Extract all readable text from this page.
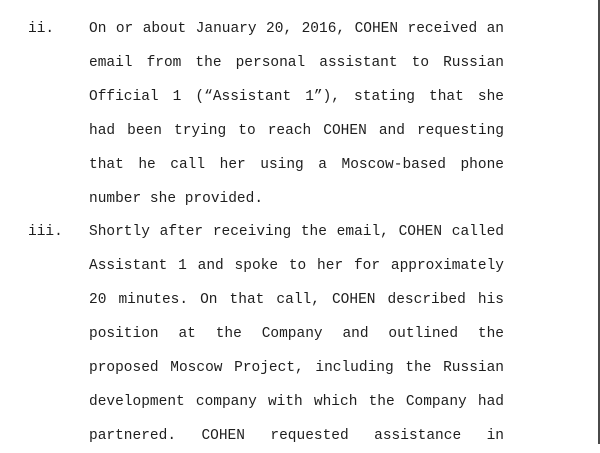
ii. On or about January 20, 2016, COHEN received an
email from the personal assistant to Russian
Official 1 (“Assistant 1”), stating that she
had been trying to reach COHEN and requesting
that he call her using a Moscow-based phone
number she provided.
iii. Shortly after receiving the email, COHEN called
Assistant 1 and spoke to her for approximately
20 minutes. On that call, COHEN described his
position at the Company and outlined the
proposed Moscow Project, including the Russian
development company with which the Company had
partnered. COHEN requested assistance in
